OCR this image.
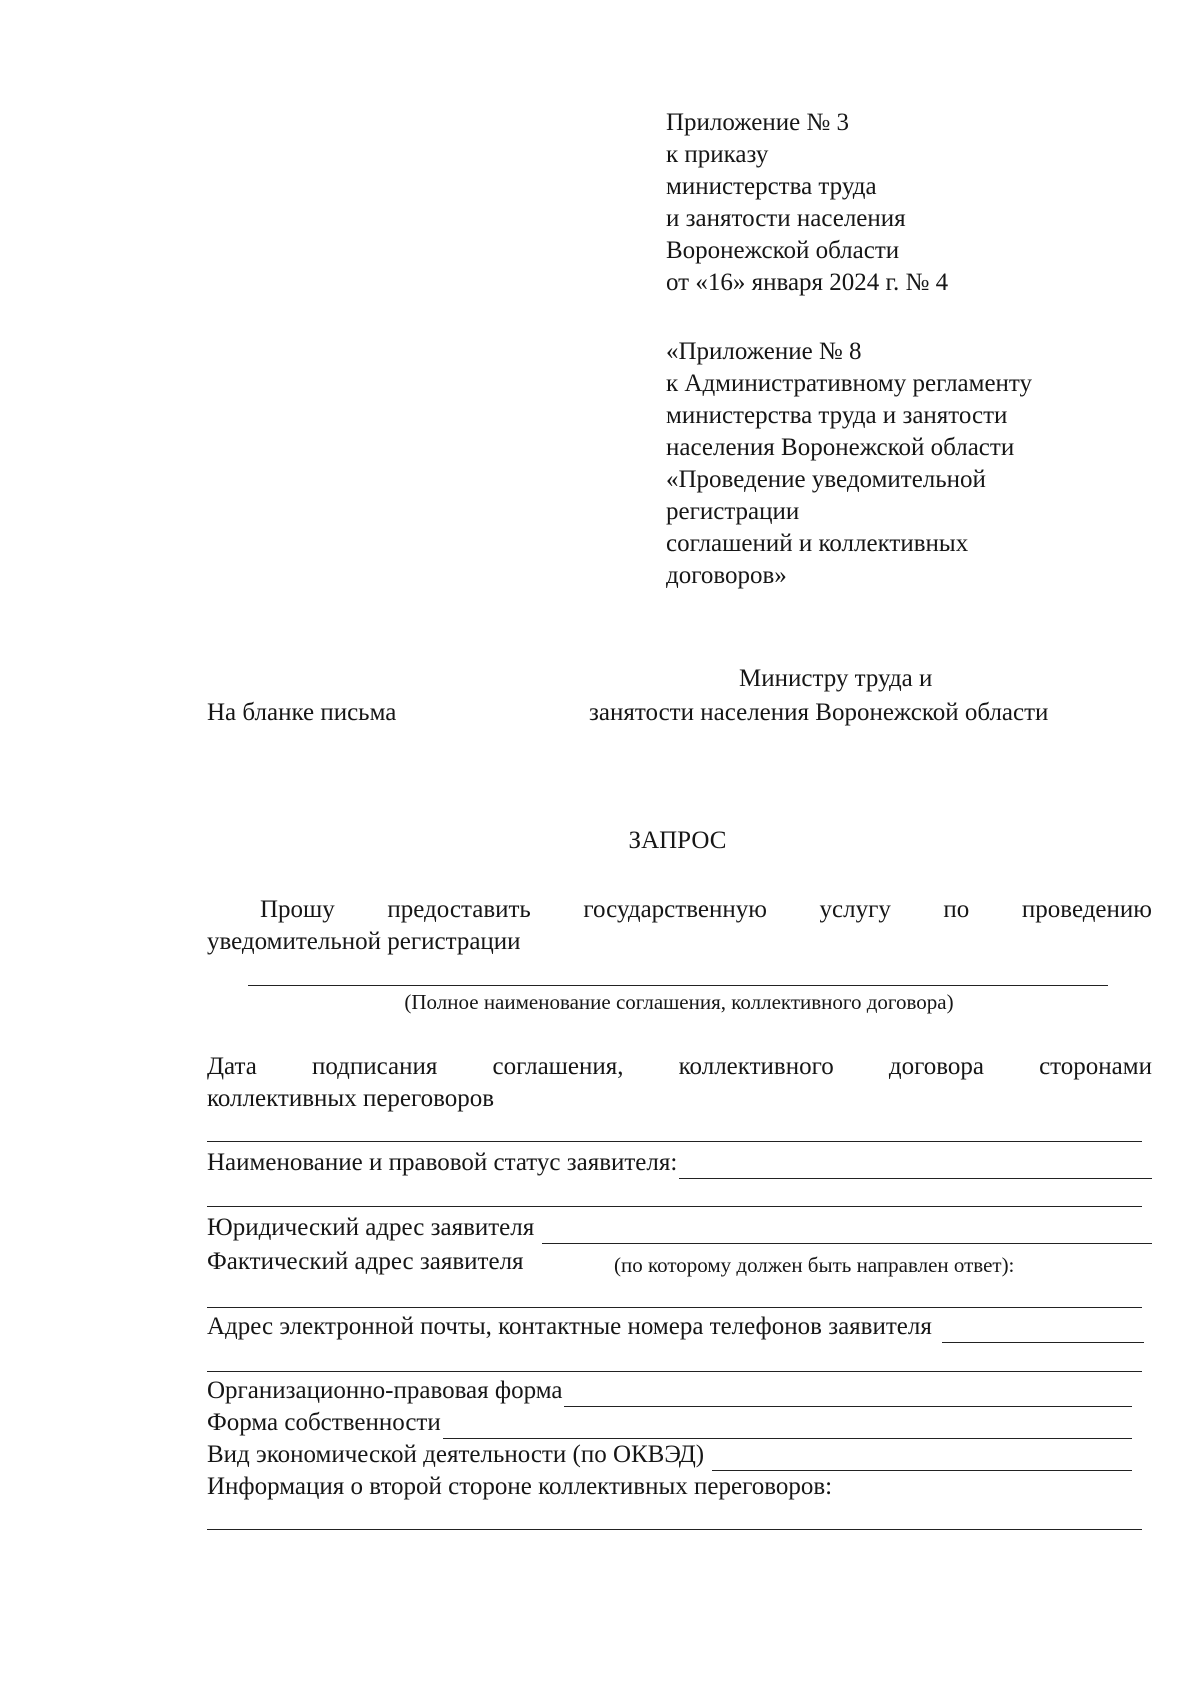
Приложение № 3
к приказу
министерства труда
и занятости населения
Воронежской области
от «16» января 2024 г. № 4
«Приложение № 8
к Административному регламенту
министерства труда и занятости
населения Воронежской области
«Проведение уведомительной
регистрации
соглашений и коллективных
договоров»
Министру труда и
На бланке письма	занятости населения Воронежской области
ЗАПРОС
Прошу предоставить государственную услугу по проведению
уведомительной регистрации
(Полное наименование соглашения, коллективного договора)
Дата подписания соглашения, коллективного договора сторонами
коллективных переговоров
Наименование и правовой статус заявителя:
Юридический адрес заявителя
Фактический адрес заявителя	(по которому должен быть направлен ответ):
Адрес электронной почты, контактные номера телефонов заявителя
Организационно-правовая форма
Форма собственности
Вид экономической деятельности (по ОКВЭД)
Информация о второй стороне коллективных переговоров:
